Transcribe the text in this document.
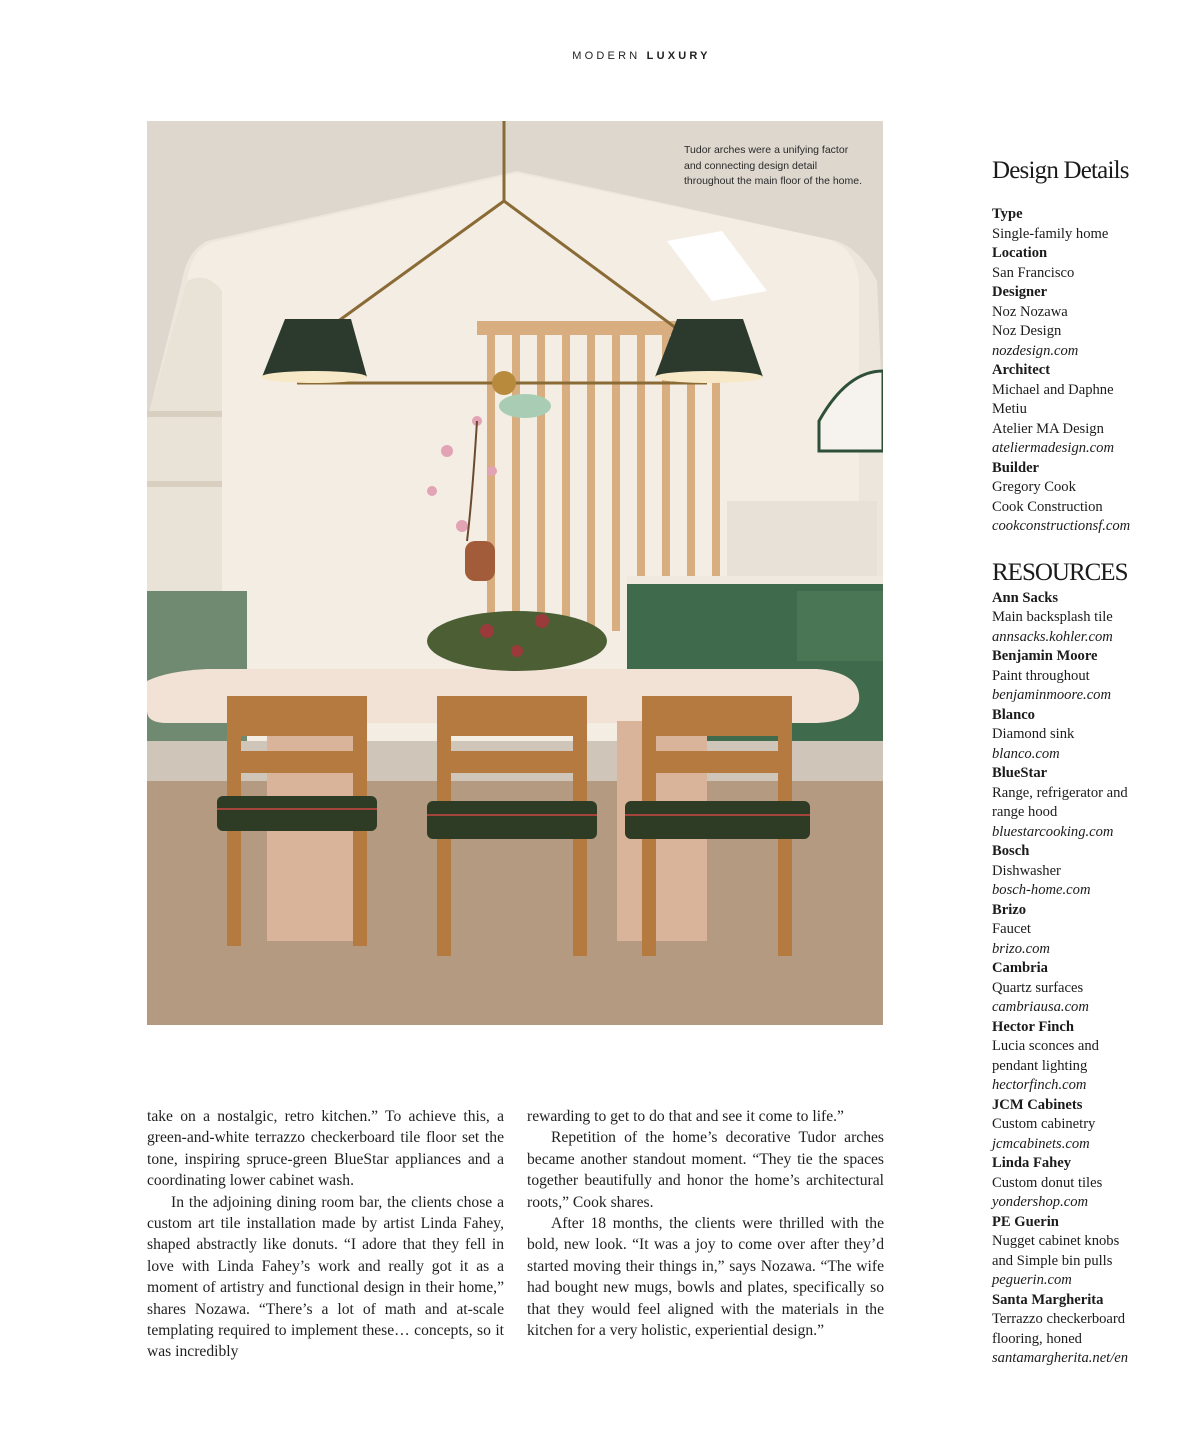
MODERN LUXURY
Tudor arches were a unifying factor and connecting design detail throughout the main floor of the home.

take on a nostalgic, retro kitchen.” To achieve this, a green-and-white terrazzo checkerboard tile floor set the tone, inspiring spruce-green BlueStar appliances and a coordinating lower cabinet wash.

In the adjoining dining room bar, the clients chose a custom art tile installation made by artist Linda Fahey, shaped abstractly like donuts. “I adore that they fell in love with Linda Fahey’s work and really got it as a moment of artistry and functional design in their home,” shares Nozawa. “There’s a lot of math and at-scale templating required to implement these… concepts, so it was incredibly

rewarding to get to do that and see it come to life.”

Repetition of the home’s decorative Tudor arches became another standout moment. “They tie the spaces together beautifully and honor the home’s architectural roots,” Cook shares.

After 18 months, the clients were thrilled with the bold, new look. “It was a joy to come over after they’d started moving their things in,” says Nozawa. “The wife had bought new mugs, bowls and plates, specifically so that they would feel aligned with the materials in the kitchen for a very holistic, experiential design.”

Design Details
Type
Single-family home
Location
San Francisco
Designer
Noz Nozawa
Noz Design
nozdesign.com
Architect
Michael and Daphne
Metiu
Atelier MA Design
ateliermadesign.com
Builder
Gregory Cook
Cook Construction
cookconstructionsf.com
RESOURCES
Ann Sacks
Main backsplash tile
annsacks.kohler.com
Benjamin Moore
Paint throughout
benjaminmoore.com
Blanco
Diamond sink
blanco.com
BlueStar
Range, refrigerator and
range hood
bluestarcooking.com
Bosch
Dishwasher
bosch-home.com
Brizo
Faucet
brizo.com
Cambria
Quartz surfaces
cambriausa.com
Hector Finch
Lucia sconces and
pendant lighting
hectorfinch.com
JCM Cabinets
Custom cabinetry
jcmcabinets.com
Linda Fahey
Custom donut tiles
yondershop.com
PE Guerin
Nugget cabinet knobs
and Simple bin pulls
peguerin.com
Santa Margherita
Terrazzo checkerboard
flooring, honed
santamargherita.net/en
